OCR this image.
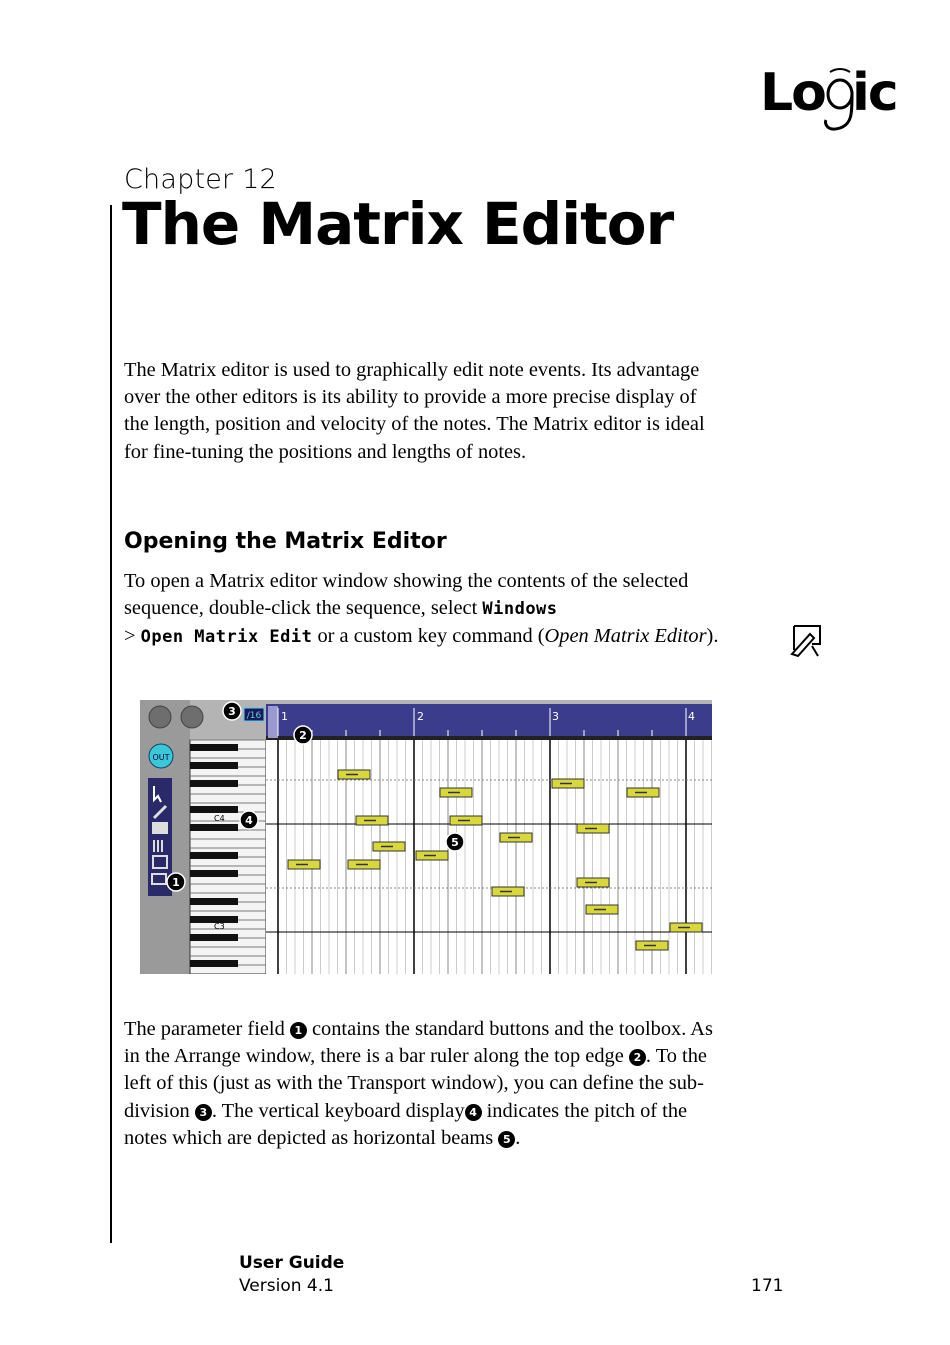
Lo ic
Chapter 12
The Matrix Editor
The Matrix editor is used to graphically edit note events. Its advantage over the other editors is its ability to provide a more precise display of the length, position and velocity of the notes. The Matrix editor is ideal for fine-tuning the positions and lengths of notes.
Opening the Matrix Editor
To open a Matrix editor window showing the contents of the selected sequence, double-click the sequence, select Windows
> Open Matrix Edit or a custom key command (Open Matrix Editor).
OUT
/16
C4
C3
1	2	3	4
1
2
3
4
5
The parameter field 1 contains the standard buttons and the toolbox. As in the Arrange window, there is a bar ruler along the top edge 2 . To the left of this (just as with the Transport window), you can define the sub-division 3 . The vertical keyboard display 4 indicates the pitch of the notes which are depicted as horizontal beams 5 .
User Guide
Version 4.1	171
